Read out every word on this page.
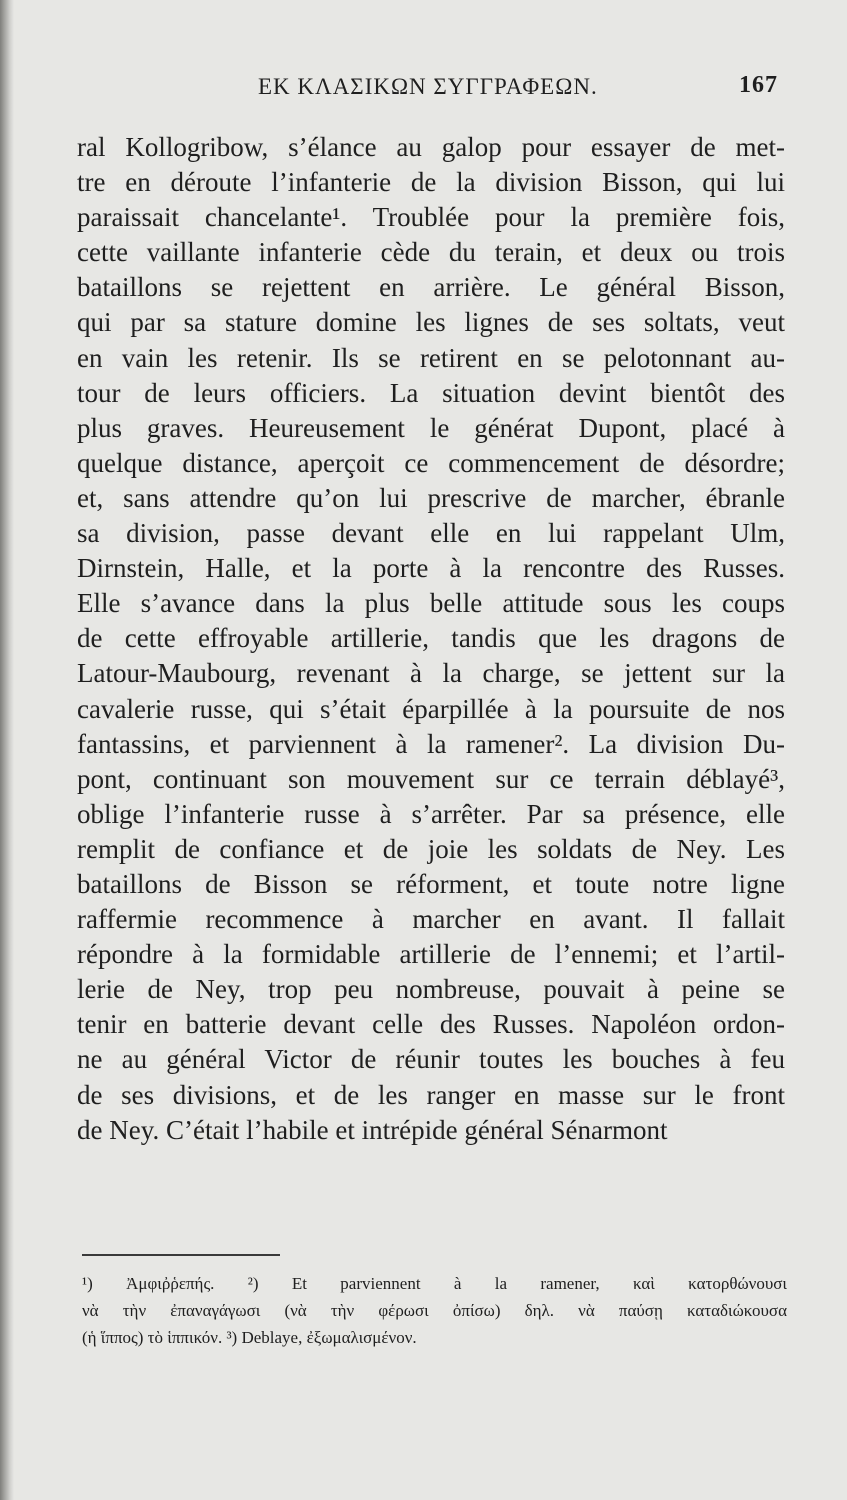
ΕΚ ΚΛΑΣΙΚΩΝ ΣΥΓΓΡΑΦΕΩΝ.	167
ral Kollogribow, s’élance au galop pour essayer de met-
tre en déroute l’infanterie de la division Bisson, qui lui
paraissait chancelante¹. Troublée pour la première fois,
cette vaillante infanterie cède du terain, et deux ou trois
bataillons se rejettent en arrière. Le général Bisson,
qui par sa stature domine les lignes de ses soltats, veut
en vain les retenir. Ils se retirent en se pelotonnant au-
tour de leurs officiers. La situation devint bientôt des
plus graves. Heureusement le générat Dupont, placé à
quelque distance, aperçoit ce commencement de désordre;
et, sans attendre qu’on lui prescrive de marcher, ébranle
sa division, passe devant elle en lui rappelant Ulm,
Dirnstein, Halle, et la porte à la rencontre des Russes.
Elle s’avance dans la plus belle attitude sous les coups
de cette effroyable artillerie, tandis que les dragons de
Latour-Maubourg, revenant à la charge, se jettent sur la
cavalerie russe, qui s’était éparpillée à la poursuite de nos
fantassins, et parviennent à la ramener². La division Du-
pont, continuant son mouvement sur ce terrain déblayé³,
oblige l’infanterie russe à s’arrêter. Par sa présence, elle
remplit de confiance et de joie les soldats de Ney. Les
bataillons de Bisson se réforment, et toute notre ligne
raffermie recommence à marcher en avant. Il fallait
répondre à la formidable artillerie de l’ennemi; et l’artil-
lerie de Ney, trop peu nombreuse, pouvait à peine se
tenir en batterie devant celle des Russes. Napoléon ordon-
ne au général Victor de réunir toutes les bouches à feu
de ses divisions, et de les ranger en masse sur le front
de Ney. C’était l’habile et intrépide général Sénarmont
¹) Ἀμφιῤῥεπής. ²) Et parviennent à la ramener, καὶ κατορθώνουσι
νὰ τὴν ἐπαναγάγωσι (νὰ τὴν φέρωσι ὀπίσω) δηλ. νὰ παύσῃ καταδιώκουσα
(ἡ ἵππος) τὸ ἱππικόν. ³) Deblaye, ἐξωμαλισμένον.
